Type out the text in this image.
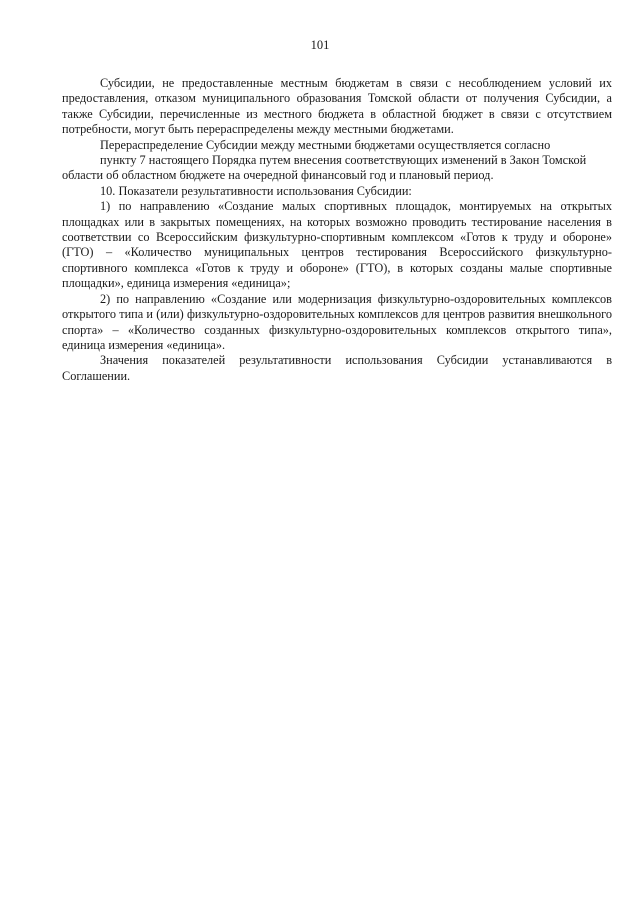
101

Субсидии, не предоставленные местным бюджетам в связи с несоблюдением условий их предоставления, отказом муниципального образования Томской области от получения Субсидии, а также Субсидии, перечисленные из местного бюджета в областной бюджет в связи с отсутствием потребности, могут быть перераспределены между местными бюджетами.

Перераспределение Субсидии между местными бюджетами осуществляется согласно

пункту 7 настоящего Порядка путем внесения соответствующих изменений в Закон Томской области об областном бюджете на очередной финансовый год и плановый период.

10. Показатели результативности использования Субсидии:

1) по направлению «Создание малых спортивных площадок, монтируемых на открытых площадках или в закрытых помещениях, на которых возможно проводить тестирование населения в соответствии со Всероссийским физкультурно-спортивным комплексом «Готов к труду и обороне» (ГТО) – «Количество муниципальных центров тестирования Всероссийского физкультурно-спортивного комплекса «Готов к труду и обороне» (ГТО), в которых созданы малые спортивные площадки», единица измерения «единица»;

2) по направлению «Создание или модернизация физкультурно-оздоровительных комплексов открытого типа и (или) физкультурно-оздоровительных комплексов для центров развития внешкольного спорта» – «Количество созданных физкультурно-оздоровительных комплексов открытого типа», единица измерения «единица».

Значения показателей результативности использования Субсидии устанавливаются в Соглашении.
